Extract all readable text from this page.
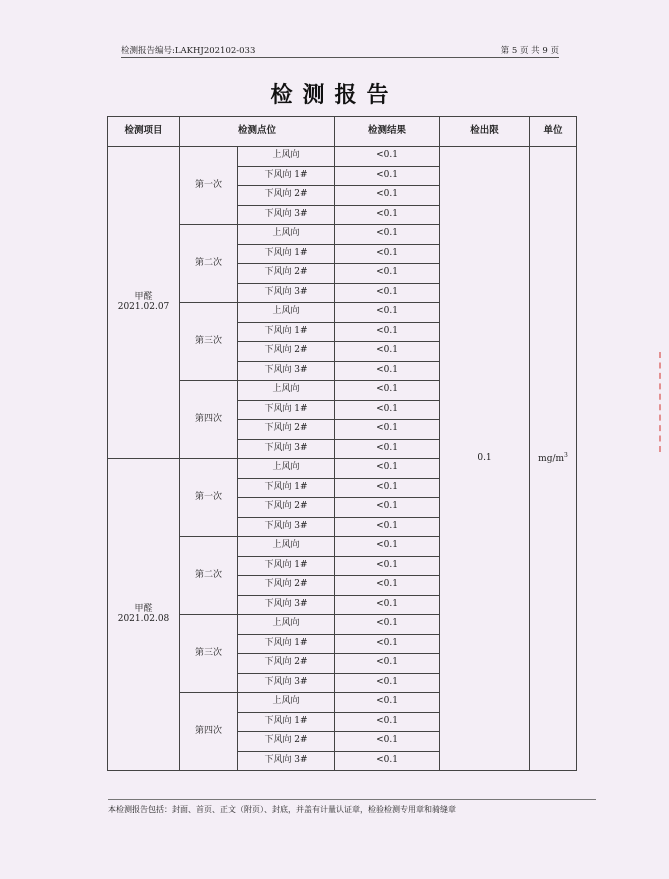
检测报告编号:LAKHJ202102-033	第 5 页 共 9 页
检测报告
检测项目	检测点位		检测结果	检出限	单位

甲醛
2021.02.07	第一次	上风向	<0.1	0.1	$mg/m^3$
		下风向 1#	<0.1		
		下风向 2#	<0.1		
		下风向 3#	<0.1		
	第二次	上风向	<0.1		
		下风向 1#	<0.1		
		下风向 2#	<0.1		
		下风向 3#	<0.1		
	第三次	上风向	<0.1		
		下风向 1#	<0.1		
		下风向 2#	<0.1		
		下风向 3#	<0.1		
	第四次	上风向	<0.1		
		下风向 1#	<0.1		
		下风向 2#	<0.1		
		下风向 3#	<0.1		

甲醛
2021.02.08	第一次	上风向	<0.1		
		下风向 1#	<0.1		
		下风向 2#	<0.1		
		下风向 3#	<0.1		
	第二次	上风向	<0.1		
		下风向 1#	<0.1		
		下风向 2#	<0.1		
		下风向 3#	<0.1		
	第三次	上风向	<0.1		
		下风向 1#	<0.1		
		下风向 2#	<0.1		
		下风向 3#	<0.1		
	第四次	上风向	<0.1		
		下风向 1#	<0.1		
		下风向 2#	<0.1		
		下风向 3#	<0.1		
本检测报告包括：封面、首页、正文（附页）、封底，并盖有计量认证章，检验检测专用章和骑缝章
